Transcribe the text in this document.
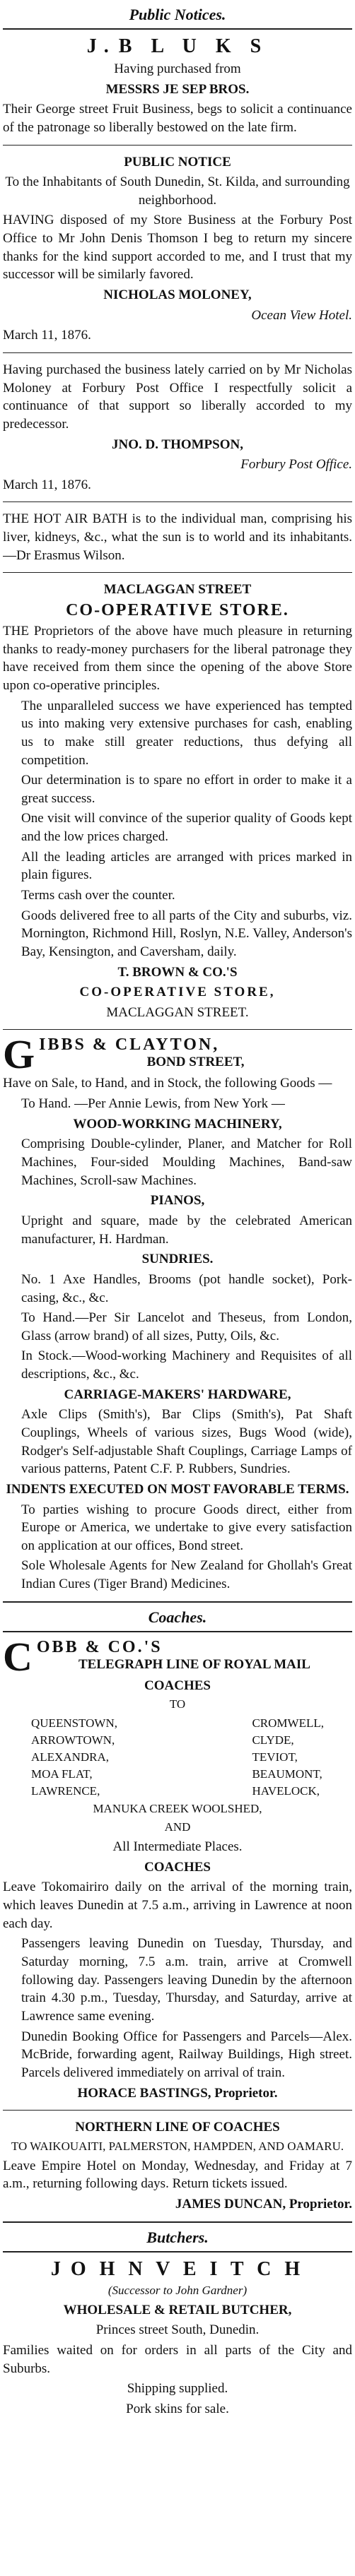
Public Notices.
J. B L U K S

Having purchased from

MESSRS JE SEP BROS.

Their George street Fruit Business, begs to solicit a continuance of the patronage so liberally bestowed on the late firm.

PUBLIC NOTICE

To the Inhabitants of South Dunedin, St. Kilda, and surrounding neighborhood.

HAVING disposed of my Store Business at the Forbury Post Office to Mr John Denis Thomson I beg to return my sincere thanks for the kind support accorded to me, and I trust that my successor will be similarly favored.

NICHOLAS MOLONEY,

Ocean View Hotel.

March 11, 1876.

Having purchased the business lately carried on by Mr Nicholas Moloney at Forbury Post Office I respectfully solicit a continuance of that support so liberally accorded to my predecessor.

JNO. D. THOMPSON,

Forbury Post Office.

March 11, 1876.

THE HOT AIR BATH is to the individual man, comprising his liver, kidneys, &c., what the sun is to world and its inhabitants. —Dr Erasmus Wilson.

MACLAGGAN STREET

CO-OPERATIVE STORE.

THE Proprietors of the above have much pleasure in returning thanks to ready-money purchasers for the liberal patronage they have received from them since the opening of the above Store upon co-operative principles.

The unparalleled success we have experienced has tempted us into making very extensive purchases for cash, enabling us to make still greater reductions, thus defying all competition.

Our determination is to spare no effort in order to make it a great success.

One visit will convince of the superior quality of Goods kept and the low prices charged.

All the leading articles are arranged with prices marked in plain figures.

Terms cash over the counter.

Goods delivered free to all parts of the City and suburbs, viz. Mornington, Richmond Hill, Roslyn, N.E. Valley, Anderson's Bay, Kensington, and Caversham, daily.

T. BROWN & CO.'S

CO-OPERATIVE STORE,

MACLAGGAN STREET.

G IBBS & CLAYTON,
BOND STREET,

Have on Sale, to Hand, and in Stock, the following Goods —

To Hand. —Per Annie Lewis, from New York —

WOOD-WORKING MACHINERY,

Comprising Double-cylinder, Planer, and Matcher for Roll Machines, Four-sided Moulding Machines, Band-saw Machines, Scroll-saw Machines.

PIANOS,

Upright and square, made by the celebrated American manufacturer, H. Hardman.

SUNDRIES.

No. 1 Axe Handles, Brooms (pot handle socket), Pork-casing, &c., &c.

To Hand.—Per Sir Lancelot and Theseus, from London, Glass (arrow brand) of all sizes, Putty, Oils, &c.

In Stock.—Wood-working Machinery and Requisites of all descriptions, &c., &c.

CARRIAGE-MAKERS' HARDWARE,

Axle Clips (Smith's), Bar Clips (Smith's), Pat Shaft Couplings, Wheels of various sizes, Bugs Wood (wide), Rodger's Self-adjustable Shaft Couplings, Carriage Lamps of various patterns, Patent C.F. P. Rubbers, Sundries.

INDENTS EXECUTED ON MOST FAVORABLE TERMS.

To parties wishing to procure Goods direct, either from Europe or America, we undertake to give every satisfaction on application at our offices, Bond street.

Sole Wholesale Agents for New Zealand for Ghollah's Great Indian Cures (Tiger Brand) Medicines.

Coaches.
C OBB & CO.'S
TELEGRAPH LINE OF ROYAL MAIL

COACHES

TO

QUEENSTOWN,
ARROWTOWN,
ALEXANDRA,
MOA FLAT,
LAWRENCE,
CROMWELL,
CLYDE,
TEVIOT,
BEAUMONT,
HAVELOCK,

MANUKA CREEK WOOLSHED,

AND

All Intermediate Places.

COACHES

Leave Tokomairiro daily on the arrival of the morning train, which leaves Dunedin at 7.5 a.m., arriving in Lawrence at noon each day.

Passengers leaving Dunedin on Tuesday, Thursday, and Saturday morning, 7.5 a.m. train, arrive at Cromwell following day. Passengers leaving Dunedin by the afternoon train 4.30 p.m., Tuesday, Thursday, and Saturday, arrive at Lawrence same evening.

Dunedin Booking Office for Passengers and Parcels—Alex. McBride, forwarding agent, Railway Buildings, High street. Parcels delivered immediately on arrival of train.

HORACE BASTINGS, Proprietor.

NORTHERN LINE OF COACHES

TO WAIKOUAITI, PALMERSTON, HAMPDEN, AND OAMARU.

Leave Empire Hotel on Monday, Wednesday, and Friday at 7 a.m., returning following days. Return tickets issued.

JAMES DUNCAN, Proprietor.

Butchers.
J O H N V E I T C H

(Successor to John Gardner)

WHOLESALE & RETAIL BUTCHER,

Princes street South, Dunedin.

Families waited on for orders in all parts of the City and Suburbs.

Shipping supplied.

Pork skins for sale.
